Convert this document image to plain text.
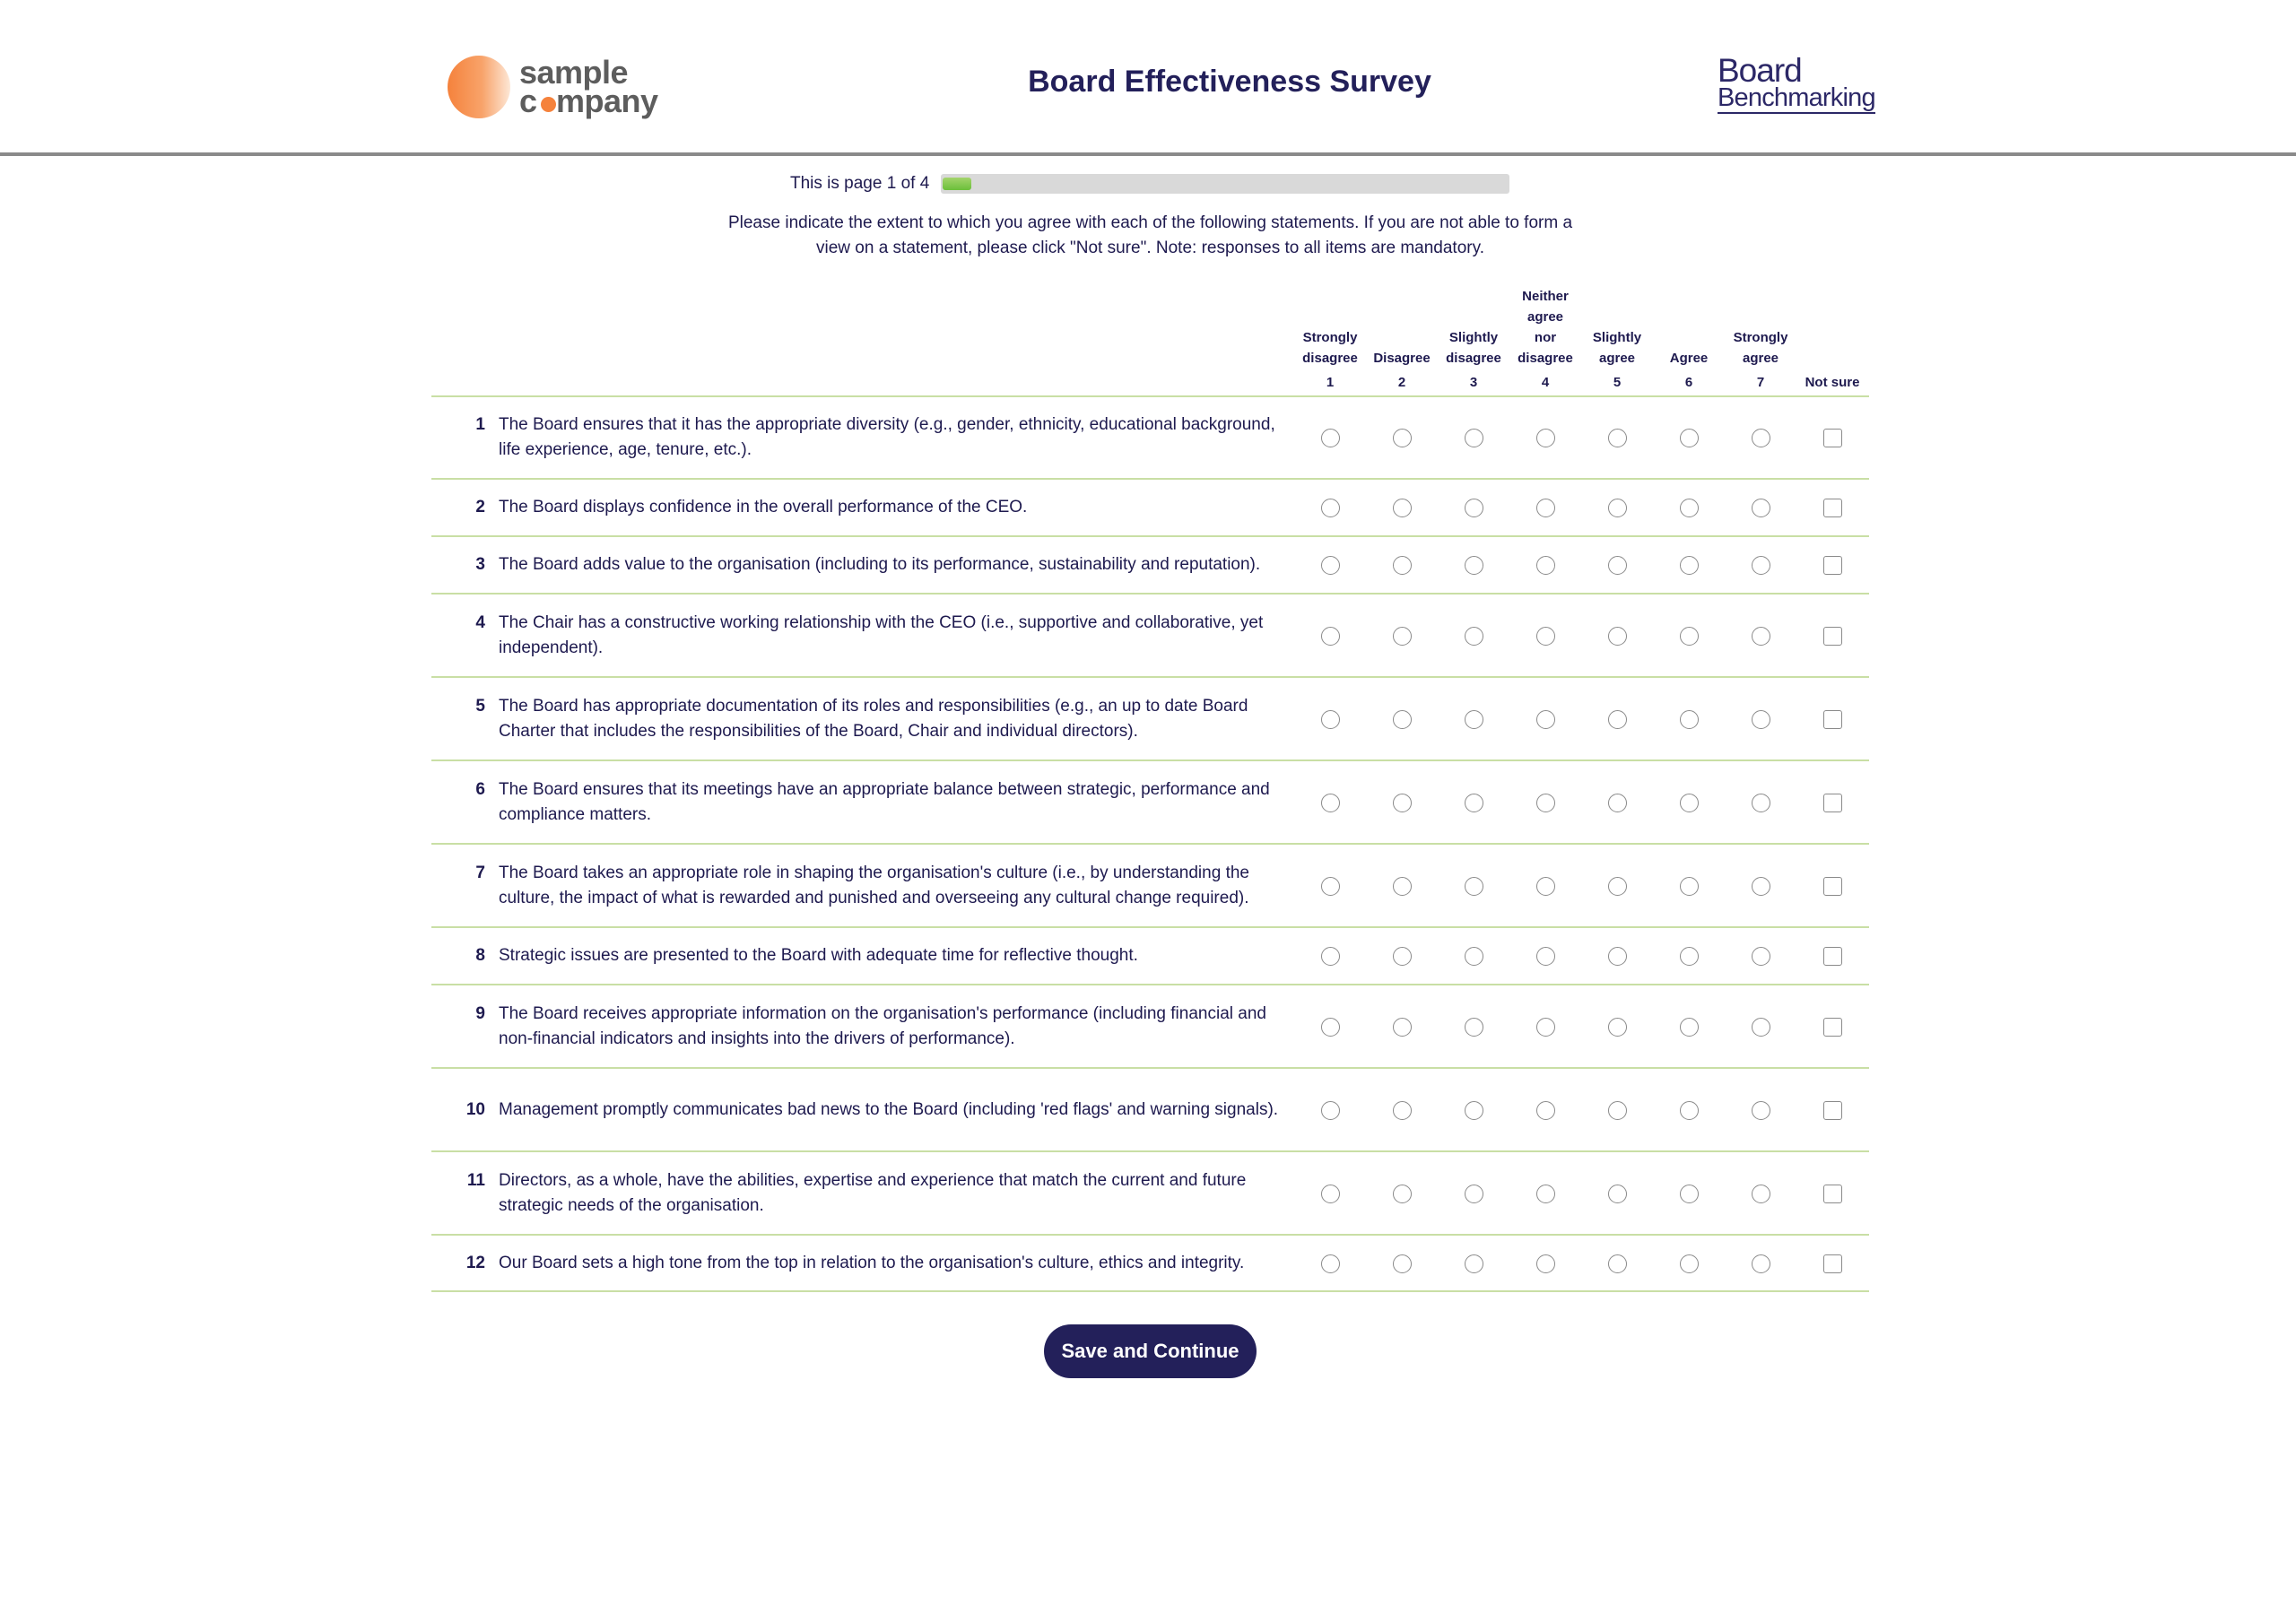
sample
c mpany
Board Effectiveness Survey	Board
Benchmarking
This is page 1 of 4
Please indicate the extent to which you agree with each of the following statements. If you are not able to form a view on a statement, please click "Not sure". Note: responses to all items are mandatory.
Strongly
disagree
1
Disagree
2
Slightly
disagree
3
Neither
agree
nor
disagree
4
Slightly
agree
5
Agree
6
Strongly
agree
7	Not sure
1 The Board ensures that it has the appropriate diversity (e.g., gender, ethnicity, educational background, life experience, age, tenure, etc.).
2 The Board displays confidence in the overall performance of the CEO.
3 The Board adds value to the organisation (including to its performance, sustainability and reputation).
4 The Chair has a constructive working relationship with the CEO (i.e., supportive and collaborative, yet independent).
5 The Board has appropriate documentation of its roles and responsibilities (e.g., an up to date Board Charter that includes the responsibilities of the Board, Chair and individual directors).
6 The Board ensures that its meetings have an appropriate balance between strategic, performance and compliance matters.
7 The Board takes an appropriate role in shaping the organisation's culture (i.e., by understanding the culture, the impact of what is rewarded and punished and overseeing any cultural change required).
8 Strategic issues are presented to the Board with adequate time for reflective thought.
9 The Board receives appropriate information on the organisation's performance (including financial and non-financial indicators and insights into the drivers of performance).
10 Management promptly communicates bad news to the Board (including 'red flags' and warning signals).
11 Directors, as a whole, have the abilities, expertise and experience that match the current and future strategic needs of the organisation.
12 Our Board sets a high tone from the top in relation to the organisation's culture, ethics and integrity.
Save and Continue
